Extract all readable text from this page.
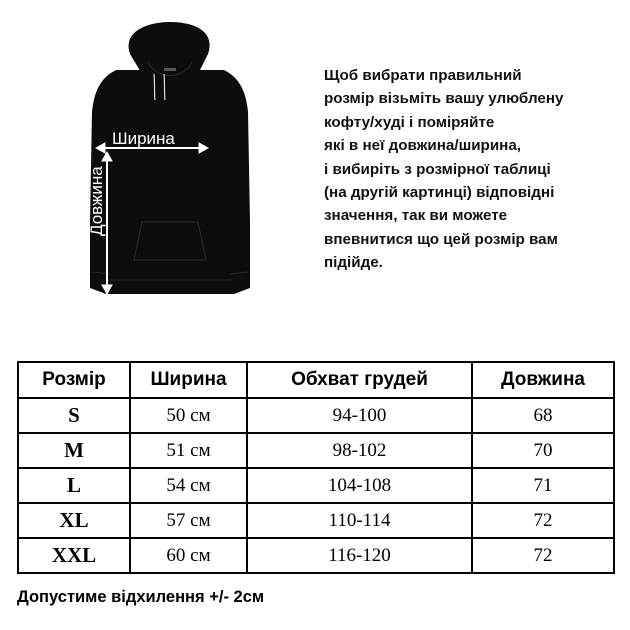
Ширина
Довжина
Щоб вибрати правильний
розмір візьміть вашу улюблену
кофту/худі і поміряйте
які в неї довжина/ширина,
і вибиріть з розмірної таблиці
(на другій картинці) відповідні
значення, так ви можете
впевнитися що цей розмір вам
підійде.
Розмір	Ширина	Обхват грудей	Довжина
S	50 см	94-100	68
M	51 см	98-102	70
L	54 см	104-108	71
XL	57 см	110-114	72
XXL	60 см	116-120	72
Допустиме відхилення +/- 2см
